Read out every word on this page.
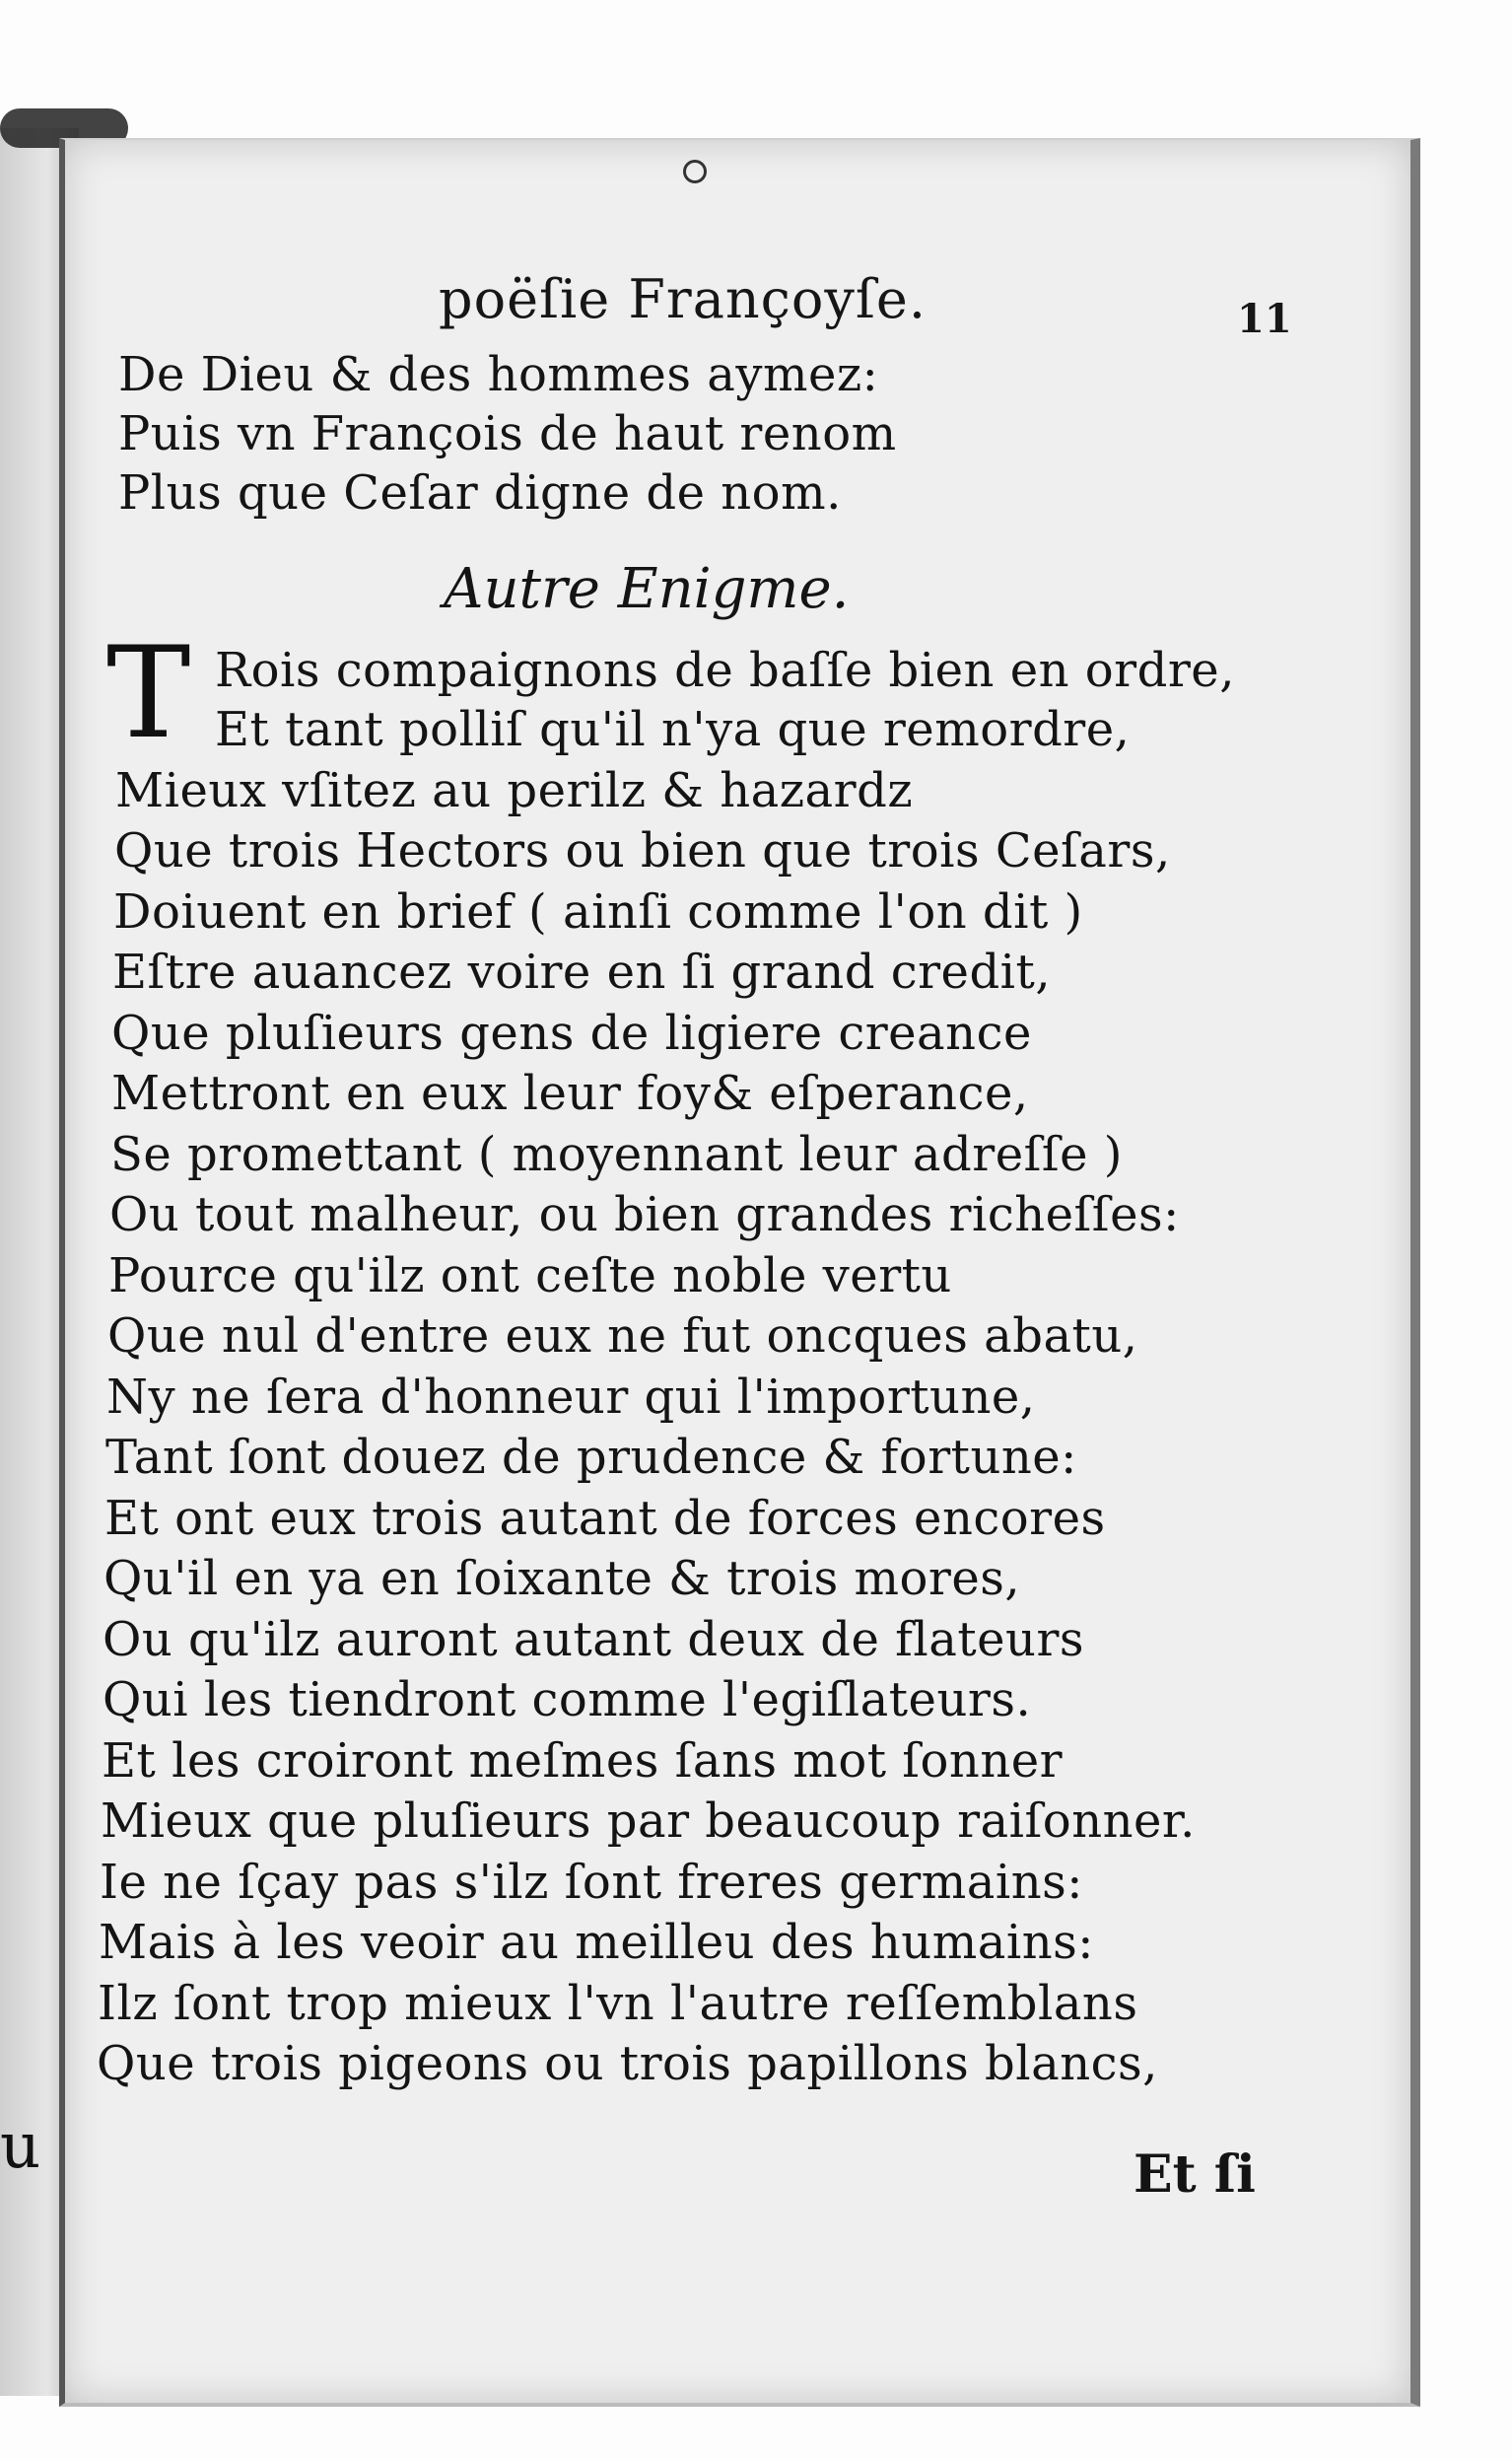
u
poëſie Françoyſe.	11
De Dieu & des hommes aymez:
Puis vn François de haut renom
Plus que Ceſar digne de nom.
Autre Enigme.
T Rois compaignons de baſſe bien en ordre,
Et tant polliſ qu'il n'ya que remordre,
Mieux vſitez au perilz & hazardz
Que trois Hectors ou bien que trois Ceſars,
Doiuent en brief ( ainſi comme l'on dit )
Eſtre auancez voire en ſi grand credit,
Que pluſieurs gens de ligiere creance
Mettront en eux leur foy& eſperance,
Se promettant ( moyennant leur adreſſe )
Ou tout malheur, ou bien grandes richeſſes:
Pource qu'ilz ont ceſte noble vertu
Que nul d'entre eux ne fut oncques abatu,
Ny ne ſera d'honneur qui l'importune,
Tant ſont douez de prudence & fortune:
Et ont eux trois autant de forces encores
Qu'il en ya en ſoixante & trois mores,
Ou qu'ilz auront autant deux de flateurs
Qui les tiendront comme l'egiſlateurs.
Et les croiront meſmes ſans mot ſonner
Mieux que pluſieurs par beaucoup raiſonner.
Ie ne ſçay pas s'ilz ſont freres germains:
Mais à les veoir au meilleu des humains:
Ilz ſont trop mieux l'vn l'autre reſſemblans
Que trois pigeons ou trois papillons blancs,
Et ſi
